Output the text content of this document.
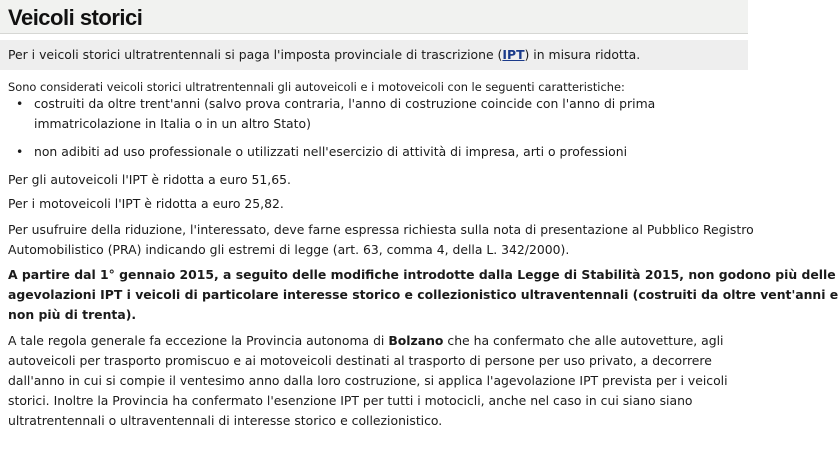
Veicoli storici
Per i veicoli storici ultratrentennali si paga l'imposta provinciale di trascrizione (IPT) in misura ridotta.
Sono considerati veicoli storici ultratrentennali gli autoveicoli e i motoveicoli con le seguenti caratteristiche:
• costruiti da oltre trent'anni (salvo prova contraria, l'anno di costruzione coincide con l'anno di prima
immatricolazione in Italia o in un altro Stato)
• non adibiti ad uso professionale o utilizzati nell'esercizio di attività di impresa, arti o professioni
Per gli autoveicoli l'IPT è ridotta a euro 51,65.
Per i motoveicoli l'IPT è ridotta a euro 25,82.
Per usufruire della riduzione, l'interessato, deve farne espressa richiesta sulla nota di presentazione al Pubblico Registro
Automobilistico (PRA) indicando gli estremi di legge (art. 63, comma 4, della L. 342/2000).
A partire dal 1° gennaio 2015, a seguito delle modifiche introdotte dalla Legge di Stabilità 2015, non godono più delle
agevolazioni IPT i veicoli di particolare interesse storico e collezionistico ultraventennali (costruiti da oltre vent'anni e
non più di trenta).
A tale regola generale fa eccezione la Provincia autonoma di Bolzano che ha confermato che alle autovetture, agli
autoveicoli per trasporto promiscuo e ai motoveicoli destinati al trasporto di persone per uso privato, a decorrere
dall'anno in cui si compie il ventesimo anno dalla loro costruzione, si applica l'agevolazione IPT prevista per i veicoli
storici. Inoltre la Provincia ha confermato l'esenzione IPT per tutti i motocicli, anche nel caso in cui siano siano
ultratrentennali o ultraventennali di interesse storico e collezionistico.
